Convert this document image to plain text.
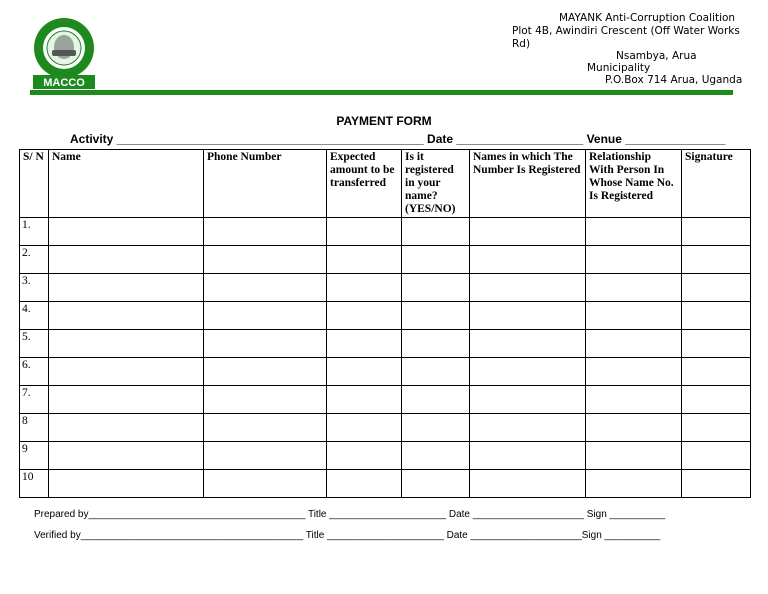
MACCO
MAYANK Anti-Corruption Coalition
Plot 4B, Awindiri Crescent (Off Water Works
Rd)
Nsambya, Arua
Municipality
P.O.Box 714 Arua, Uganda
PAYMENT FORM
Activity ______________________________________________ Date ___________________ Venue _______________
S/ N	Name	Phone Number	Expected amount to be transferred	Is it registered in your name? (YES/NO)	Names in which The Number Is Registered	Relationship With Person In Whose Name No. Is Registered	Signature
1.							
2.							
3.							
4.							
5.							
6.							
7.							
8							
9							
10							
Prepared by_______________________________________ Title _____________________ Date ____________________ Sign __________
Verified by________________________________________ Title _____________________ Date ____________________Sign __________
